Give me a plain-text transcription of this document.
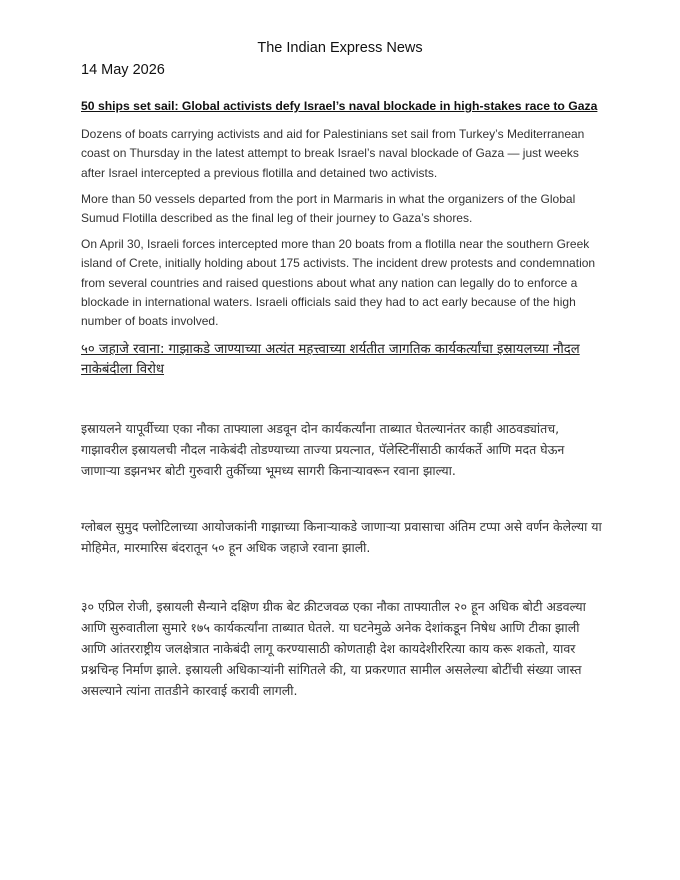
The Indian Express News
14 May 2026
50 ships set sail: Global activists defy Israel’s naval blockade in high-stakes race to Gaza
Dozens of boats carrying activists and aid for Palestinians set sail from Turkey’s Mediterranean coast on Thursday in the latest attempt to break Israel’s naval blockade of Gaza — just weeks after Israel intercepted a previous flotilla and detained two activists.
More than 50 vessels departed from the port in Marmaris in what the organizers of the Global Sumud Flotilla described as the final leg of their journey to Gaza’s shores.
On April 30, Israeli forces intercepted more than 20 boats from a flotilla near the southern Greek island of Crete, initially holding about 175 activists. The incident drew protests and condemnation from several countries and raised questions about what any nation can legally do to enforce a blockade in international waters. Israeli officials said they had to act early because of the high number of boats involved.
५० जहाजे रवाना: गाझाकडे जाण्याच्या अत्यंत महत्त्वाच्या शर्यतीत जागतिक कार्यकर्त्यांचा इस्रायलच्या नौदल नाकेबंदीला विरोध
इस्रायलने यापूर्वीच्या एका नौका ताफ्याला अडवून दोन कार्यकर्त्यांना ताब्यात घेतल्यानंतर काही आठवड्यांतच, गाझावरील इस्रायलची नौदल नाकेबंदी तोडण्याच्या ताज्या प्रयत्नात, पॅलेस्टिनींसाठी कार्यकर्ते आणि मदत घेऊन जाणाऱ्या डझनभर बोटी गुरुवारी तुर्कीच्या भूमध्य सागरी किनाऱ्यावरून रवाना झाल्या.
ग्लोबल सुमुद फ्लोटिलाच्या आयोजकांनी गाझाच्या किनाऱ्याकडे जाणाऱ्या प्रवासाचा अंतिम टप्पा असे वर्णन केलेल्या या मोहिमेत, मारमारिस बंदरातून ५० हून अधिक जहाजे रवाना झाली.
३० एप्रिल रोजी, इस्रायली सैन्याने दक्षिण ग्रीक बेट क्रीटजवळ एका नौका ताफ्यातील २० हून अधिक बोटी अडवल्या आणि सुरुवातीला सुमारे १७५ कार्यकर्त्यांना ताब्यात घेतले. या घटनेमुळे अनेक देशांकडून निषेध आणि टीका झाली आणि आंतरराष्ट्रीय जलक्षेत्रात नाकेबंदी लागू करण्यासाठी कोणताही देश कायदेशीररित्या काय करू शकतो, यावर प्रश्नचिन्ह निर्माण झाले. इस्रायली अधिकाऱ्यांनी सांगितले की, या प्रकरणात सामील असलेल्या बोटींची संख्या जास्त असल्याने त्यांना तातडीने कारवाई करावी लागली.
